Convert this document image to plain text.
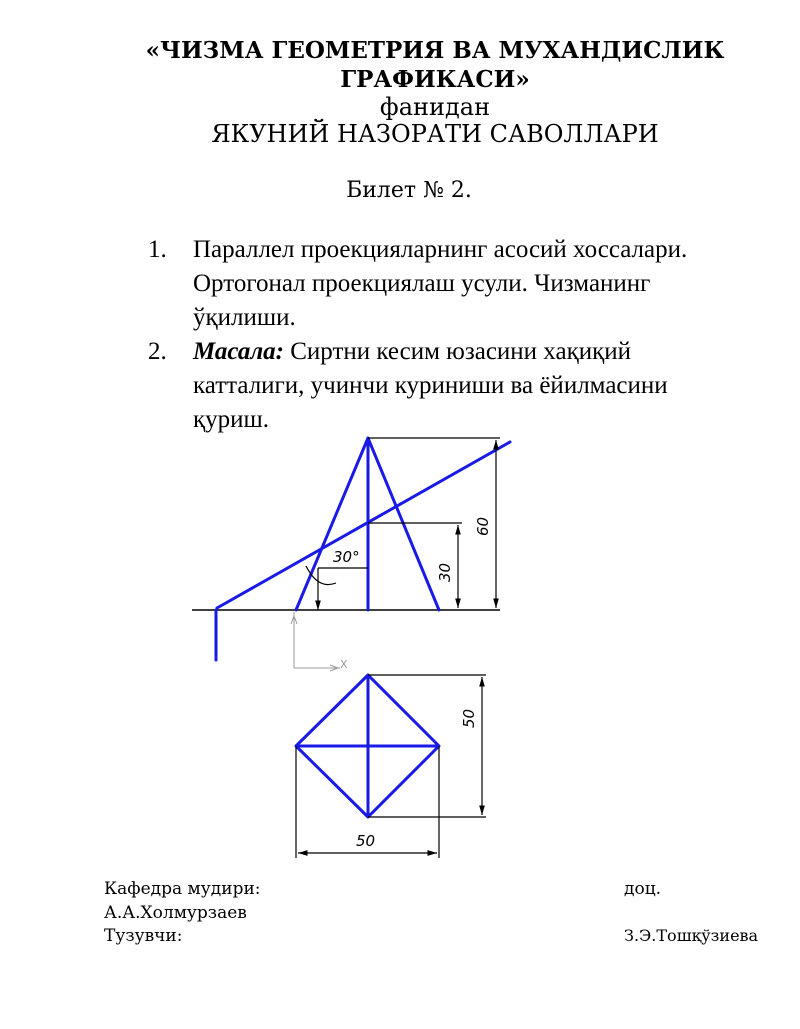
«ЧИЗМА ГЕОМЕТРИЯ ВА МУХАНДИСЛИК
ГРАФИКАСИ»
фанидан
ЯКУНИЙ НАЗОРАТИ САВОЛЛАРИ
Билет № 2.
1.	Параллел проекцияларнинг асосий хоссалари. Ортогонал проекциялаш усули. Чизманинг ўқилиши.
2.	Масала: Сиртни кесим юзасини хақиқий катталиги, учинчи куриниши ва ёйилмасини қуриш.
60
30
30°
X
50
50
Кафедра мудири:	доц.
А.А.Холмурзаев
Тузувчи:	З.Э.Тошқўзиева
